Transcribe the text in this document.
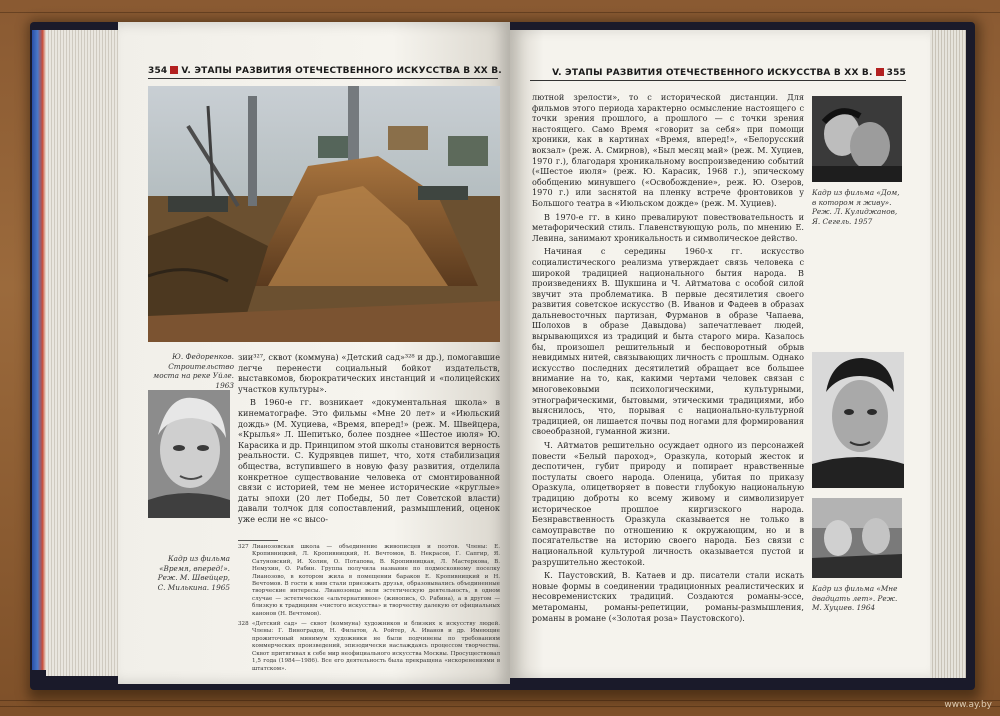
354 V. ЭТАПЫ РАЗВИТИЯ ОТЕЧЕСТВЕННОГО ИСКУССТВА В XX В.
Ю. Федоренков. Строительство моста на реке Уйле. 1963
Кадр из фильма «Время, вперед!». Реж. М. Швейцер, С. Милькина. 1965

зии³²⁷, сквот (коммуна) «Детский сад»³²⁸ и др.), помогавшие легче перенести социальный бойкот издательств, выставкомов, бюрократических инстанций и «полицейских участков культуры».

В 1960-е гг. возникает «документальная школа» в кинематографе. Это фильмы «Мне 20 лет» и «Июльский дождь» (М. Хуциева, «Время, вперед!» (реж. М. Швейцера, «Крылья» Л. Шепитько, более позднее «Шестое июля» Ю. Карасика и др. Принципом этой школы становится верность реальности. С. Кудрявцев пишет, что, хотя стабилизация общества, вступившего в новую фазу развития, отделила конкретное существование человека от смонтированной связи с историей, тем не менее исторические «круглые» даты эпохи (20 лет Победы, 50 лет Советской власти) давали толчок для сопоставлений, размышлений, оценок уже если не «с высо-

327 Лианозовская школа — объединение живописцев и поэтов. Члены: Е. Кропивницкий, Л. Кропивницкий, Н. Вечтомов, В. Некрасов, Г. Сапгир, Я. Сатуновский, И. Холин, О. Потапова, В. Кропивницкая, Л. Мастеркова, В. Немухин, О. Рабин. Группа получила название по подмосковному поселку Лианозово, в котором жила в помещении бараков Е. Кропивницкий и Н. Вечтомов. В гости к ним стали приезжать друзья, образовывались объединенные творческие интересы. Лианозовцы вели эстетическую деятельность, в одном случае — эстетическое «альтернативное» (живопись, О. Рабина), а в другом — близкую к традициям «чистого искусства» и творчеству далекую от официальных канонов (Н. Вечтомов).
328 «Детский сад» — сквот (коммуна) художников и близких к искусству людей. Члены: Г. Виноградов, Н. Филатов, А. Ройтер, А. Иванов и др. Имеющие прожиточный минимум художники не были подчинены по требованиям коммерческих произведений, эпизодически наслаждаясь процессом творчества. Сквот притягивал к себе мир неофициального искусства Москвы. Просуществовал 1,5 года (1984—1986). Все его деятельность была прекращена «искоренениями в штатском».
V. ЭТАПЫ РАЗВИТИЯ ОТЕЧЕСТВЕННОГО ИСКУССТВА В XX В. 355

лютной зрелости», то с исторической дистанции. Для фильмов этого периода характерно осмысление настоящего с точки зрения прошлого, а прошлого — с точки зрения настоящего. Само Время «говорит за себя» при помощи хроники, как в картинах «Время, вперед!», «Белорусский вокзал» (реж. А. Смирнов), «Был месяц май» (реж. М. Хуциев, 1970 г.), благодаря хроникальному воспроизведению событий («Шестое июля» (реж. Ю. Карасик, 1968 г.), эпическому обобщению минувшего («Освобождение», реж. Ю. Озеров, 1970 г.) или заснятой на пленку встрече фронтовиков у Большого театра в «Июльском дожде» (реж. М. Хуциев).

В 1970-е гг. в кино превалируют повествовательность и метафорический стиль. Главенствующую роль, по мнению Е. Левина, занимают хроникальность и символическое действо.

Начиная с середины 1960-х гг. искусство социалистического реализма утверждает связь человека с широкой традицией национального бытия народа. В произведениях В. Шукшина и Ч. Айтматова с особой силой звучит эта проблематика. В первые десятилетия своего развития советское искусство (В. Иванов и Фадеев в образах дальневосточных партизан, Фурманов в образе Чапаева, Шолохов в образе Давыдова) запечатлевает людей, вырывающихся из традиций и быта старого мира. Казалось бы, произошел решительный и бесповоротный обрыв невидимых нитей, связывающих личность с прошлым. Однако искусство последних десятилетий обращает все большее внимание на то, как, какими чертами человек связан с многовековыми психологическими, культурными, этнографическими, бытовыми, этическими традициями, ибо выяснилось, что, порывая с национально-культурной традицией, он лишается почвы под ногами для формирования своеобразной, гуманной жизни.

Ч. Айтматов решительно осуждает одного из персонажей повести «Белый пароход», Оразкула, который жесток и деспотичен, губит природу и попирает нравственные постулаты своего народа. Оленица, убитая по приказу Оразкула, олицетворяет в повести глубокую национальную традицию доброты ко всему живому и символизирует историческое прошлое киргизского народа. Безнравственность Оразкула сказывается не только в самоуправстве по отношению к окружающим, но и в посягательстве на историю своего народа. Без связи с национальной культурой личность оказывается пустой и разрушительно жестокой.

К. Паустовский, В. Катаев и др. писатели стали искать новые формы в соединении традиционных реалистических и несовременистских традиций. Создаются романы-эссе, метароманы, романы-репетиции, романы-размышления, романы в романе («Золотая роза» Паустовского).

Кадр из фильма «Дом, в котором я живу». Реж. Л. Кулиджанов, Я. Сегель. 1957
Кадр из фильма «Мне двадцать лет». Реж. М. Хуциев. 1964
www.ay.by
